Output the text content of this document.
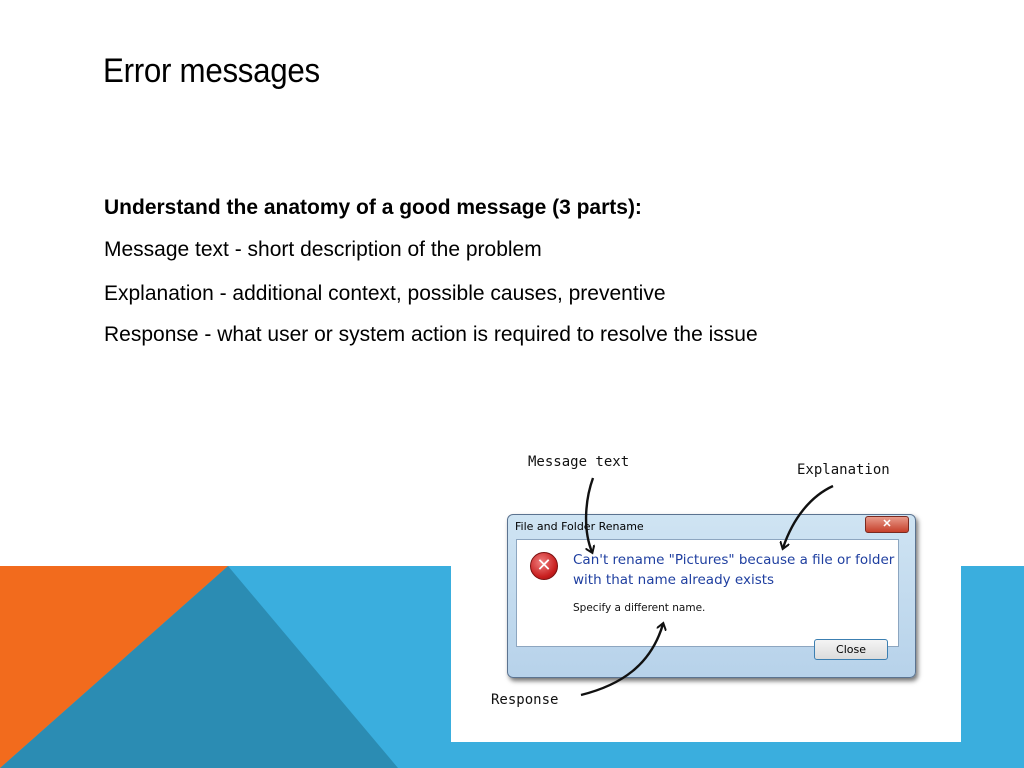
Error messages
Understand the anatomy of a good message (3 parts):
Message text - short description of the problem
Explanation - additional context, possible causes, preventive
Response - what user or system action is required to resolve the issue
Message text	Explanation
Response
File and Folder Rename	✕
✕	Can't rename "Pictures" because a file or folder with that name already exists
Specify a different name.
Close
